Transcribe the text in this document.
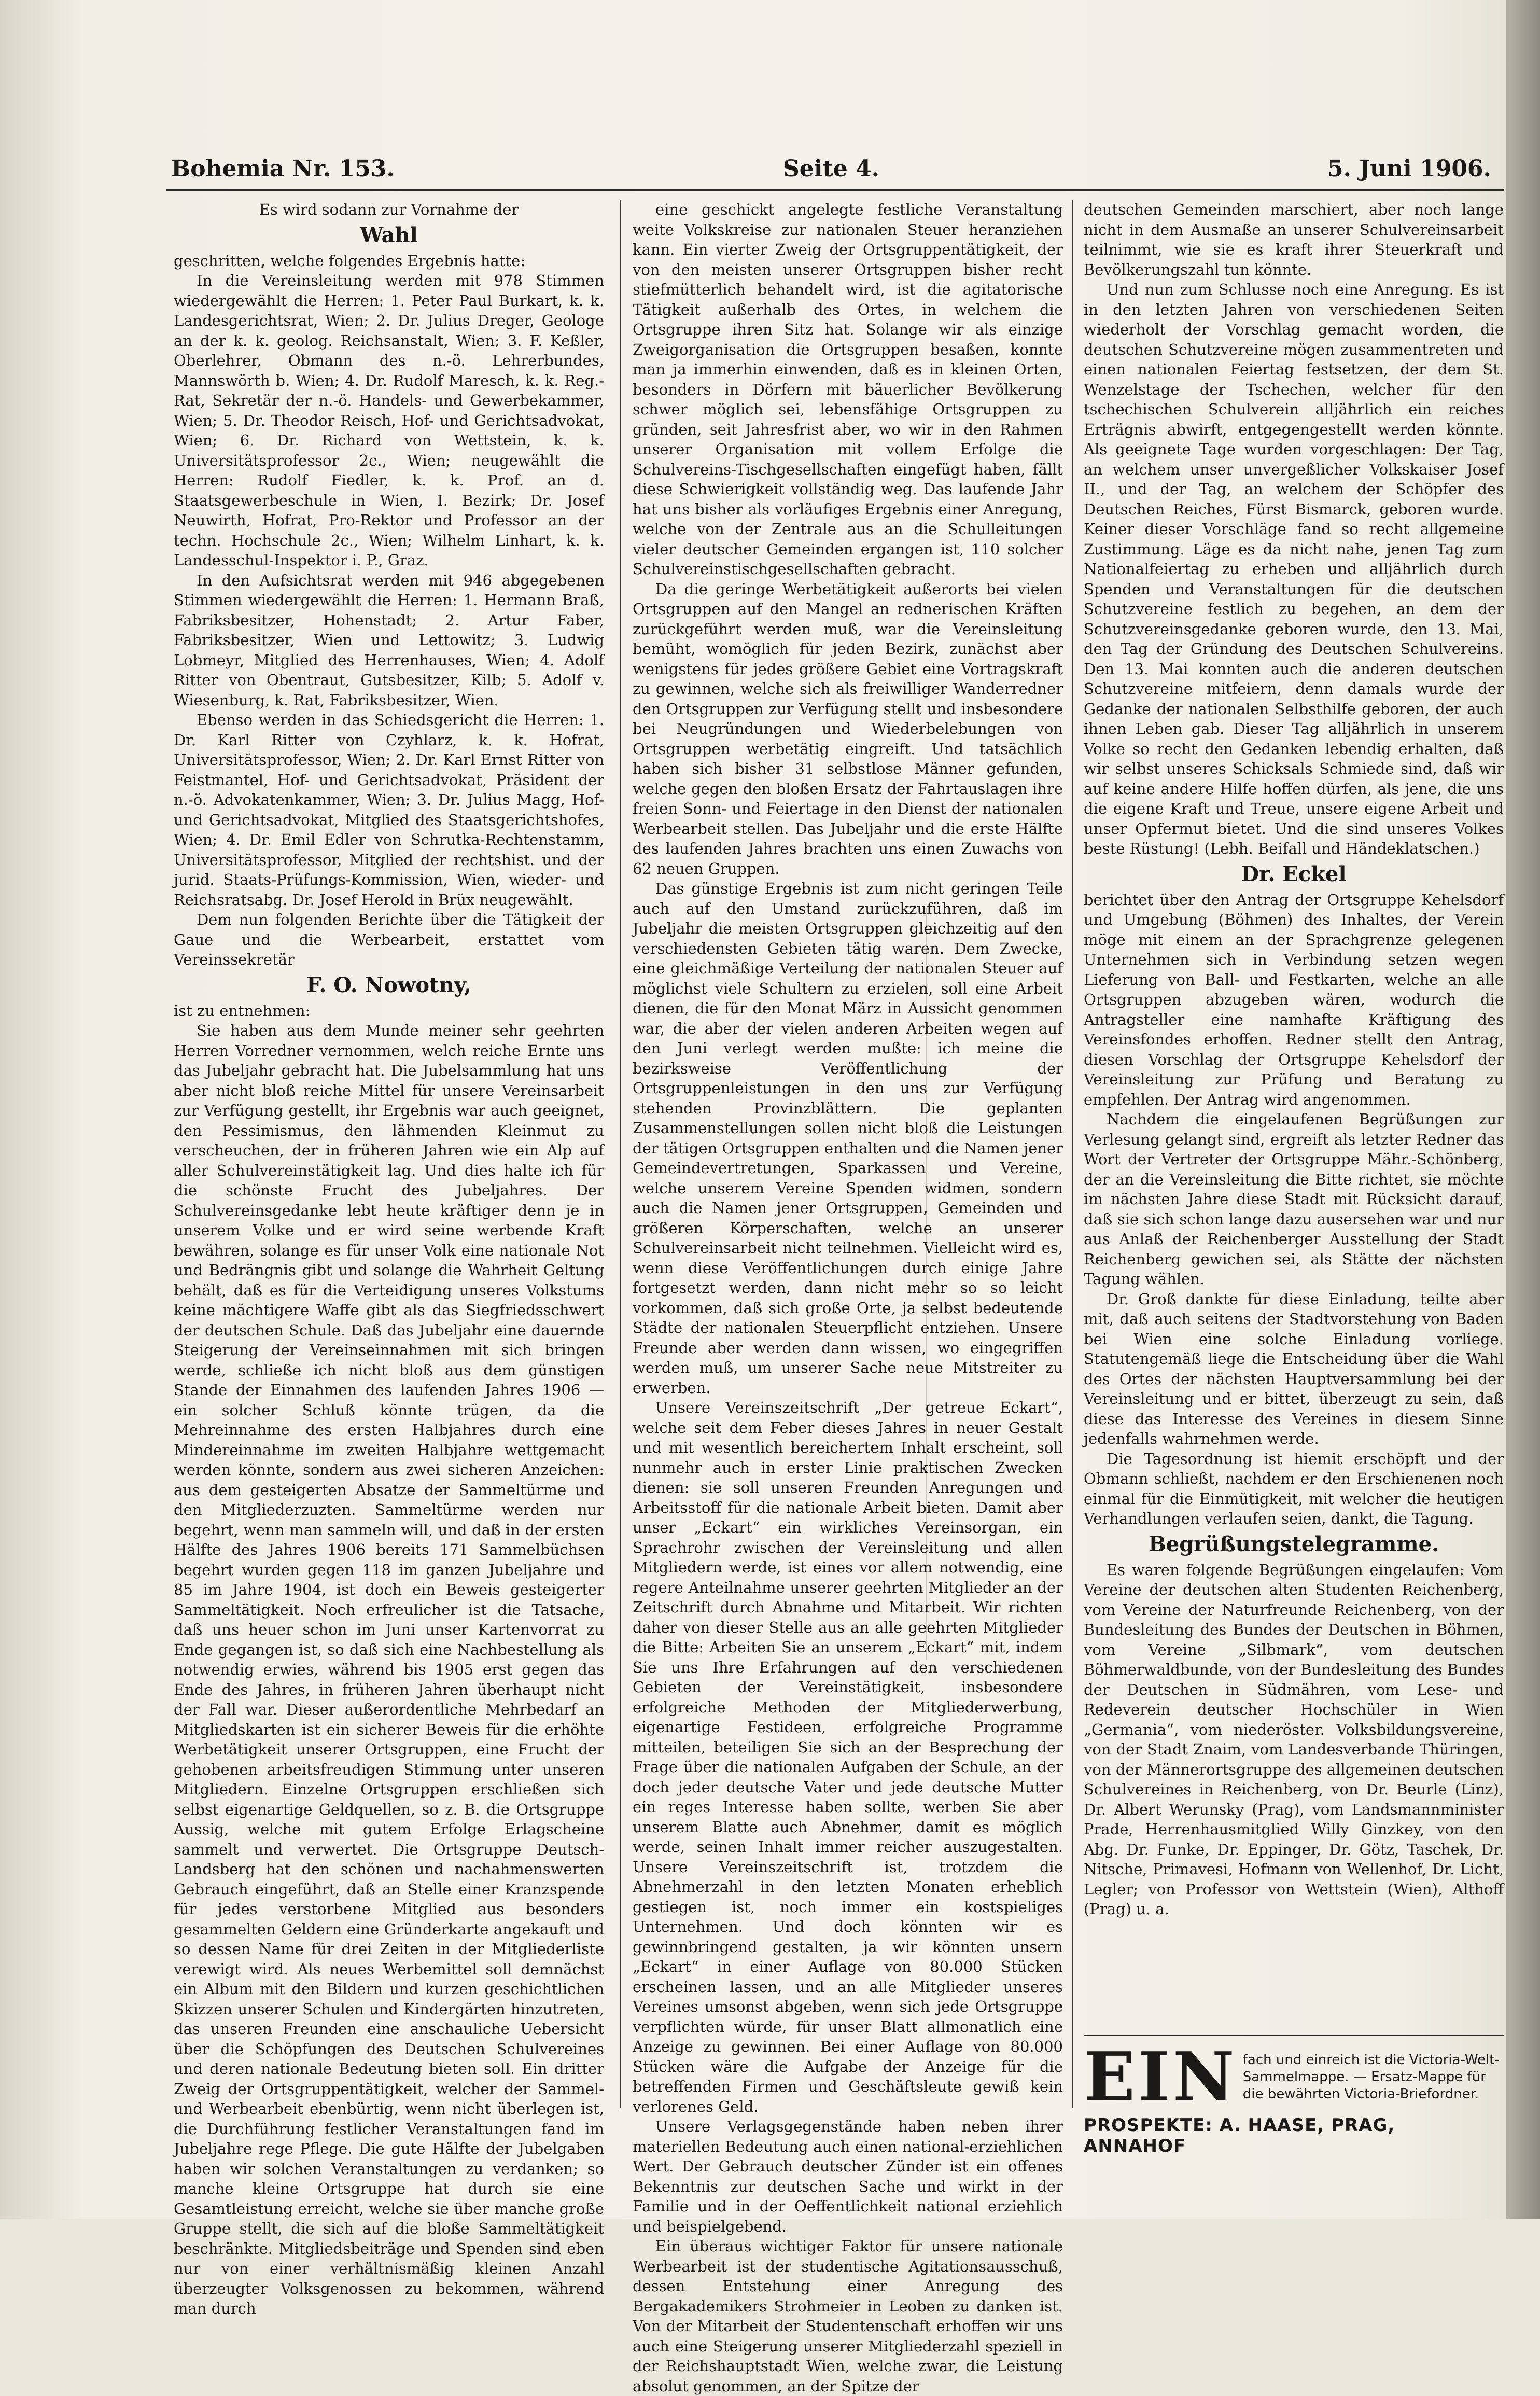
Bohemia Nr. 153.	Seite 4.	5. Juni 1906.

Es wird sodann zur Vornahme der

Wahl

geschritten, welche folgendes Ergebnis hatte:

In die Vereinsleitung werden mit 978 Stimmen wiedergewählt die Herren: 1. Peter Paul Burkart, k. k. Landesgerichtsrat, Wien; 2. Dr. Julius Dreger, Geologe an der k. k. geolog. Reichsanstalt, Wien; 3. F. Keßler, Oberlehrer, Obmann des n.-ö. Lehrerbundes, Mannswörth b. Wien; 4. Dr. Rudolf Maresch, k. k. Reg.-Rat, Sekretär der n.-ö. Handels- und Gewerbekammer, Wien; 5. Dr. Theodor Reisch, Hof- und Gerichtsadvokat, Wien; 6. Dr. Richard von Wettstein, k. k. Universitätsprofessor 2c., Wien; neugewählt die Herren: Rudolf Fiedler, k. k. Prof. an d. Staatsgewerbeschule in Wien, I. Bezirk; Dr. Josef Neuwirth, Hofrat, Pro-Rektor und Professor an der techn. Hochschule 2c., Wien; Wilhelm Linhart, k. k. Landesschul-Inspektor i. P., Graz.

In den Aufsichtsrat werden mit 946 abgegebenen Stimmen wiedergewählt die Herren: 1. Hermann Braß, Fabriksbesitzer, Hohenstadt; 2. Artur Faber, Fabriksbesitzer, Wien und Lettowitz; 3. Ludwig Lobmeyr, Mitglied des Herrenhauses, Wien; 4. Adolf Ritter von Obentraut, Gutsbesitzer, Kilb; 5. Adolf v. Wiesenburg, k. Rat, Fabriksbesitzer, Wien.

Ebenso werden in das Schiedsgericht die Herren: 1. Dr. Karl Ritter von Czyhlarz, k. k. Hofrat, Universitätsprofessor, Wien; 2. Dr. Karl Ernst Ritter von Feistmantel, Hof- und Gerichtsadvokat, Präsident der n.-ö. Advokatenkammer, Wien; 3. Dr. Julius Magg, Hof- und Gerichtsadvokat, Mitglied des Staatsgerichtshofes, Wien; 4. Dr. Emil Edler von Schrutka-Rechtenstamm, Universitätsprofessor, Mitglied der rechtshist. und der jurid. Staats-Prüfungs-Kommission, Wien, wieder- und Reichsratsabg. Dr. Josef Herold in Brüx neugewählt.

Dem nun folgenden Berichte über die Tätigkeit der Gaue und die Werbearbeit, erstattet vom Vereinssekretär

F. O. Nowotny,

ist zu entnehmen:

Sie haben aus dem Munde meiner sehr geehrten Herren Vorredner vernommen, welch reiche Ernte uns das Jubeljahr gebracht hat. Die Jubelsammlung hat uns aber nicht bloß reiche Mittel für unsere Vereinsarbeit zur Verfügung gestellt, ihr Ergebnis war auch geeignet, den Pessimismus, den lähmenden Kleinmut zu verscheuchen, der in früheren Jahren wie ein Alp auf aller Schulvereinstätigkeit lag. Und dies halte ich für die schönste Frucht des Jubeljahres. Der Schulvereinsgedanke lebt heute kräftiger denn je in unserem Volke und er wird seine werbende Kraft bewähren, solange es für unser Volk eine nationale Not und Bedrängnis gibt und solange die Wahrheit Geltung behält, daß es für die Verteidigung unseres Volkstums keine mächtigere Waffe gibt als das Siegfriedsschwert der deutschen Schule. Daß das Jubeljahr eine dauernde Steigerung der Vereinseinnahmen mit sich bringen werde, schließe ich nicht bloß aus dem günstigen Stande der Einnahmen des laufenden Jahres 1906 — ein solcher Schluß könnte trügen, da die Mehreinnahme des ersten Halbjahres durch eine Mindereinnahme im zweiten Halbjahre wettgemacht werden könnte, sondern aus zwei sicheren Anzeichen: aus dem gesteigerten Absatze der Sammeltürme und den Mitgliederzuzten. Sammeltürme werden nur begehrt, wenn man sammeln will, und daß in der ersten Hälfte des Jahres 1906 bereits 171 Sammelbüchsen begehrt wurden gegen 118 im ganzen Jubeljahre und 85 im Jahre 1904, ist doch ein Beweis gesteigerter Sammeltätigkeit. Noch erfreulicher ist die Tatsache, daß uns heuer schon im Juni unser Kartenvorrat zu Ende gegangen ist, so daß sich eine Nachbestellung als notwendig erwies, während bis 1905 erst gegen das Ende des Jahres, in früheren Jahren überhaupt nicht der Fall war. Dieser außerordentliche Mehrbedarf an Mitgliedskarten ist ein sicherer Beweis für die erhöhte Werbetätigkeit unserer Ortsgruppen, eine Frucht der gehobenen arbeitsfreudigen Stimmung unter unseren Mitgliedern. Einzelne Ortsgruppen erschließen sich selbst eigenartige Geldquellen, so z. B. die Ortsgruppe Aussig, welche mit gutem Erfolge Erlagscheine sammelt und verwertet. Die Ortsgruppe Deutsch-Landsberg hat den schönen und nachahmenswerten Gebrauch eingeführt, daß an Stelle einer Kranzspende für jedes verstorbene Mitglied aus besonders gesammelten Geldern eine Gründerkarte angekauft und so dessen Name für drei Zeiten in der Mitgliederliste verewigt wird. Als neues Werbemittel soll demnächst ein Album mit den Bildern und kurzen geschichtlichen Skizzen unserer Schulen und Kindergärten hinzutreten, das unseren Freunden eine anschauliche Uebersicht über die Schöpfungen des Deutschen Schulvereines und deren nationale Bedeutung bieten soll. Ein dritter Zweig der Ortsgruppentätigkeit, welcher der Sammel- und Werbearbeit ebenbürtig, wenn nicht überlegen ist, die Durchführung festlicher Veranstaltungen fand im Jubeljahre rege Pflege. Die gute Hälfte der Jubelgaben haben wir solchen Veranstaltungen zu verdanken; so manche kleine Ortsgruppe hat durch sie eine Gesamtleistung erreicht, welche sie über manche große Gruppe stellt, die sich auf die bloße Sammeltätigkeit beschränkte. Mitgliedsbeiträge und Spenden sind eben nur von einer verhältnismäßig kleinen Anzahl überzeugter Volksgenossen zu bekommen, während man durch

eine geschickt angelegte festliche Veranstaltung weite Volkskreise zur nationalen Steuer heranziehen kann. Ein vierter Zweig der Ortsgruppentätigkeit, der von den meisten unserer Ortsgruppen bisher recht stiefmütterlich behandelt wird, ist die agitatorische Tätigkeit außerhalb des Ortes, in welchem die Ortsgruppe ihren Sitz hat. Solange wir als einzige Zweigorganisation die Ortsgruppen besaßen, konnte man ja immerhin einwenden, daß es in kleinen Orten, besonders in Dörfern mit bäuerlicher Bevölkerung schwer möglich sei, lebensfähige Ortsgruppen zu gründen, seit Jahresfrist aber, wo wir in den Rahmen unserer Organisation mit vollem Erfolge die Schulvereins-Tischgesellschaften eingefügt haben, fällt diese Schwierigkeit vollständig weg. Das laufende Jahr hat uns bisher als vorläufiges Ergebnis einer Anregung, welche von der Zentrale aus an die Schulleitungen vieler deutscher Gemeinden ergangen ist, 110 solcher Schulvereinstischgesellschaften gebracht.

Da die geringe Werbetätigkeit außerorts bei vielen Ortsgruppen auf den Mangel an rednerischen Kräften zurückgeführt werden muß, war die Vereinsleitung bemüht, womöglich für jeden Bezirk, zunächst aber wenigstens für jedes größere Gebiet eine Vortragskraft zu gewinnen, welche sich als freiwilliger Wanderredner den Ortsgruppen zur Verfügung stellt und insbesondere bei Neugründungen und Wiederbelebungen von Ortsgruppen werbetätig eingreift. Und tatsächlich haben sich bisher 31 selbstlose Männer gefunden, welche gegen den bloßen Ersatz der Fahrtauslagen ihre freien Sonn- und Feiertage in den Dienst der nationalen Werbearbeit stellen. Das Jubeljahr und die erste Hälfte des laufenden Jahres brachten uns einen Zuwachs von 62 neuen Gruppen.

Das günstige Ergebnis ist zum nicht geringen Teile auch auf den Umstand zurückzuführen, daß im Jubeljahr die meisten Ortsgruppen gleichzeitig auf den verschiedensten Gebieten tätig waren. Dem Zwecke, eine gleichmäßige Verteilung der nationalen Steuer auf möglichst viele Schultern zu erzielen, soll eine Arbeit dienen, die für den Monat März in Aussicht genommen war, die aber der vielen anderen Arbeiten wegen auf den Juni verlegt werden mußte: ich meine die bezirksweise Veröffentlichung der Ortsgruppenleistungen in den uns zur Verfügung stehenden Provinzblättern. Die geplanten Zusammenstellungen sollen nicht bloß die Leistungen der tätigen Ortsgruppen enthalten und die Namen jener Gemeindevertretungen, Sparkassen und Vereine, welche unserem Vereine Spenden widmen, sondern auch die Namen jener Ortsgruppen, Gemeinden und größeren Körperschaften, welche an unserer Schulvereinsarbeit nicht teilnehmen. Vielleicht wird es, wenn diese Veröffentlichungen durch einige Jahre fortgesetzt werden, dann nicht mehr so so leicht vorkommen, daß sich große Orte, ja selbst bedeutende Städte der nationalen Steuerpflicht entziehen. Unsere Freunde aber werden dann wissen, wo eingegriffen werden muß, um unserer Sache neue Mitstreiter zu erwerben.

Unsere Vereinszeitschrift „Der getreue Eckart“, welche seit dem Feber dieses Jahres in neuer Gestalt und mit wesentlich bereichertem Inhalt erscheint, soll nunmehr auch in erster Linie praktischen Zwecken dienen: sie soll unseren Freunden Anregungen und Arbeitsstoff für die nationale Arbeit bieten. Damit aber unser „Eckart“ ein wirkliches Vereinsorgan, ein Sprachrohr zwischen der Vereinsleitung und allen Mitgliedern werde, ist eines vor allem notwendig, eine regere Anteilnahme unserer geehrten Mitglieder an der Zeitschrift durch Abnahme und Mitarbeit. Wir richten daher von dieser Stelle aus an alle geehrten Mitglieder die Bitte: Arbeiten Sie an unserem „Eckart“ mit, indem Sie uns Ihre Erfahrungen auf den verschiedenen Gebieten der Vereinstätigkeit, insbesondere erfolgreiche Methoden der Mitgliederwerbung, eigenartige Festideen, erfolgreiche Programme mitteilen, beteiligen Sie sich an der Besprechung der Frage über die nationalen Aufgaben der Schule, an der doch jeder deutsche Vater und jede deutsche Mutter ein reges Interesse haben sollte, werben Sie aber unserem Blatte auch Abnehmer, damit es möglich werde, seinen Inhalt immer reicher auszugestalten. Unsere Vereinszeitschrift ist, trotzdem die Abnehmerzahl in den letzten Monaten erheblich gestiegen ist, noch immer ein kostspieliges Unternehmen. Und doch könnten wir es gewinnbringend gestalten, ja wir könnten unsern „Eckart“ in einer Auflage von 80.000 Stücken erscheinen lassen, und an alle Mitglieder unseres Vereines umsonst abgeben, wenn sich jede Ortsgruppe verpflichten würde, für unser Blatt allmonatlich eine Anzeige zu gewinnen. Bei einer Auflage von 80.000 Stücken wäre die Aufgabe der Anzeige für die betreffenden Firmen und Geschäftsleute gewiß kein verlorenes Geld.

Unsere Verlagsgegenstände haben neben ihrer materiellen Bedeutung auch einen national-erziehlichen Wert. Der Gebrauch deutscher Zünder ist ein offenes Bekenntnis zur deutschen Sache und wirkt in der Familie und in der Oeffentlichkeit national erziehlich und beispielgebend.

Ein überaus wichtiger Faktor für unsere nationale Werbearbeit ist der studentische Agitationsausschuß, dessen Entstehung einer Anregung des Bergakademikers Strohmeier in Leoben zu danken ist. Von der Mitarbeit der Studentenschaft erhoffen wir uns auch eine Steigerung unserer Mitgliederzahl speziell in der Reichshauptstadt Wien, welche zwar, die Leistung absolut genommen, an der Spitze der

deutschen Gemeinden marschiert, aber noch lange nicht in dem Ausmaße an unserer Schulvereinsarbeit teilnimmt, wie sie es kraft ihrer Steuerkraft und Bevölkerungszahl tun könnte.

Und nun zum Schlusse noch eine Anregung. Es ist in den letzten Jahren von verschiedenen Seiten wiederholt der Vorschlag gemacht worden, die deutschen Schutzvereine mögen zusammentreten und einen nationalen Feiertag festsetzen, der dem St. Wenzelstage der Tschechen, welcher für den tschechischen Schulverein alljährlich ein reiches Erträgnis abwirft, entgegengestellt werden könnte. Als geeignete Tage wurden vorgeschlagen: Der Tag, an welchem unser unvergeßlicher Volkskaiser Josef II., und der Tag, an welchem der Schöpfer des Deutschen Reiches, Fürst Bismarck, geboren wurde. Keiner dieser Vorschläge fand so recht allgemeine Zustimmung. Läge es da nicht nahe, jenen Tag zum Nationalfeiertag zu erheben und alljährlich durch Spenden und Veranstaltungen für die deutschen Schutzvereine festlich zu begehen, an dem der Schutzvereinsgedanke geboren wurde, den 13. Mai, den Tag der Gründung des Deutschen Schulvereins. Den 13. Mai konnten auch die anderen deutschen Schutzvereine mitfeiern, denn damals wurde der Gedanke der nationalen Selbsthilfe geboren, der auch ihnen Leben gab. Dieser Tag alljährlich in unserem Volke so recht den Gedanken lebendig erhalten, daß wir selbst unseres Schicksals Schmiede sind, daß wir auf keine andere Hilfe hoffen dürfen, als jene, die uns die eigene Kraft und Treue, unsere eigene Arbeit und unser Opfermut bietet. Und die sind unseres Volkes beste Rüstung! (Lebh. Beifall und Händeklatschen.)

Dr. Eckel

berichtet über den Antrag der Ortsgruppe Kehelsdorf und Umgebung (Böhmen) des Inhaltes, der Verein möge mit einem an der Sprachgrenze gelegenen Unternehmen sich in Verbindung setzen wegen Lieferung von Ball- und Festkarten, welche an alle Ortsgruppen abzugeben wären, wodurch die Antragsteller eine namhafte Kräftigung des Vereinsfondes erhoffen. Redner stellt den Antrag, diesen Vorschlag der Ortsgruppe Kehelsdorf der Vereinsleitung zur Prüfung und Beratung zu empfehlen. Der Antrag wird angenommen.

Nachdem die eingelaufenen Begrüßungen zur Verlesung gelangt sind, ergreift als letzter Redner das Wort der Vertreter der Ortsgruppe Mähr.-Schönberg, der an die Vereinsleitung die Bitte richtet, sie möchte im nächsten Jahre diese Stadt mit Rücksicht darauf, daß sie sich schon lange dazu ausersehen war und nur aus Anlaß der Reichenberger Ausstellung der Stadt Reichenberg gewichen sei, als Stätte der nächsten Tagung wählen.

Dr. Groß dankte für diese Einladung, teilte aber mit, daß auch seitens der Stadtvorstehung von Baden bei Wien eine solche Einladung vorliege. Statutengemäß liege die Entscheidung über die Wahl des Ortes der nächsten Hauptversammlung bei der Vereinsleitung und er bittet, überzeugt zu sein, daß diese das Interesse des Vereines in diesem Sinne jedenfalls wahrnehmen werde.

Die Tagesordnung ist hiemit erschöpft und der Obmann schließt, nachdem er den Erschienenen noch einmal für die Einmütigkeit, mit welcher die heutigen Verhandlungen verlaufen seien, dankt, die Tagung.

Begrüßungstelegramme.

Es waren folgende Begrüßungen eingelaufen: Vom Vereine der deutschen alten Studenten Reichenberg, vom Vereine der Naturfreunde Reichenberg, von der Bundesleitung des Bundes der Deutschen in Böhmen, vom Vereine „Silbmark“, vom deutschen Böhmerwaldbunde, von der Bundesleitung des Bundes der Deutschen in Südmähren, vom Lese- und Redeverein deutscher Hochschüler in Wien „Germania“, vom niederöster. Volksbildungsvereine, von der Stadt Znaim, vom Landesverbande Thüringen, von der Männerortsgruppe des allgemeinen deutschen Schulvereines in Reichenberg, von Dr. Beurle (Linz), Dr. Albert Werunsky (Prag), vom Landsmannminister Prade, Herrenhausmitglied Willy Ginzkey, von den Abg. Dr. Funke, Dr. Eppinger, Dr. Götz, Taschek, Dr. Nitsche, Primavesi, Hofmann von Wellenhof, Dr. Licht, Legler; von Professor von Wettstein (Wien), Althoff (Prag) u. a.

EIN fach und einreich ist die Victoria-Welt-Sammelmappe. — Ersatz-Mappe für die bewährten Victoria-Briefordner.
PROSPEKTE: A. HAASE, PRAG, ANNAHOF
